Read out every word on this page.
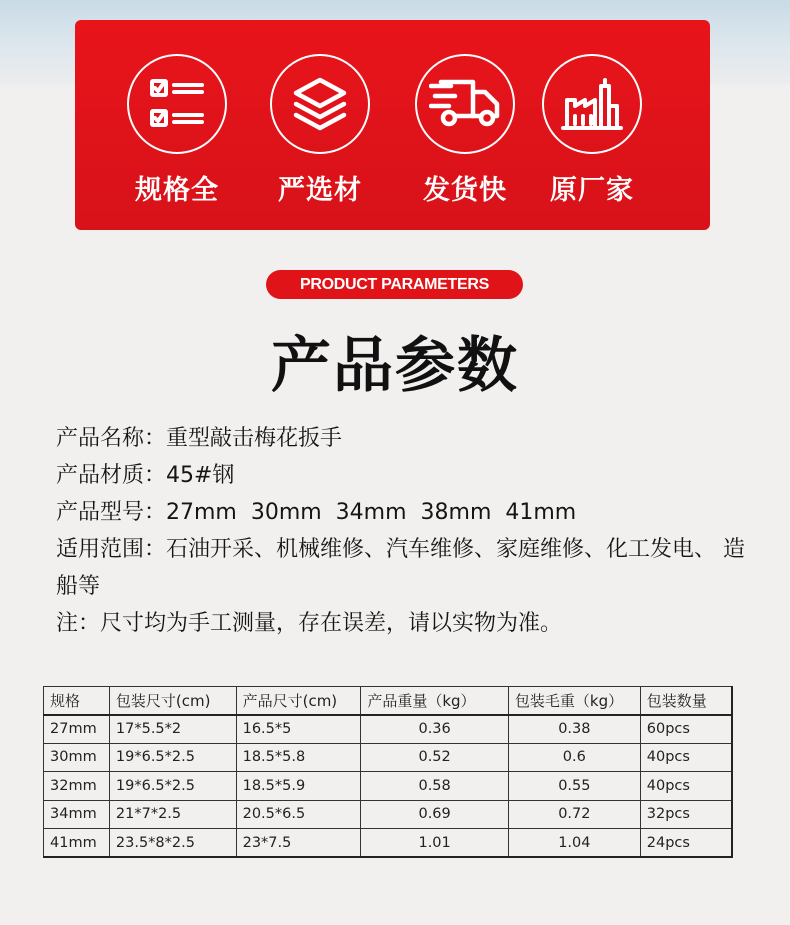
规格全	严选材	发货快	原厂家
PRODUCT PARAMETERS
产品参数
产品名称：重型敲击梅花扳手
产品材质：45#钢
产品型号：27mm  30mm  34mm  38mm  41mm
适用范围：石油开采、机械维修、汽车维修、家庭维修、化工发电、 造船等
注：尺寸均为手工测量，存在误差，请以实物为准。
规格	包装尺寸(cm)	产品尺寸(cm)	产品重量（kg）	包装毛重（kg）	包装数量
27mm	17*5.5*2	16.5*5	0.36	0.38	60pcs
30mm	19*6.5*2.5	18.5*5.8	0.52	0.6	40pcs
32mm	19*6.5*2.5	18.5*5.9	0.58	0.55	40pcs
34mm	21*7*2.5	20.5*6.5	0.69	0.72	32pcs
41mm	23.5*8*2.5	23*7.5	1.01	1.04	24pcs
